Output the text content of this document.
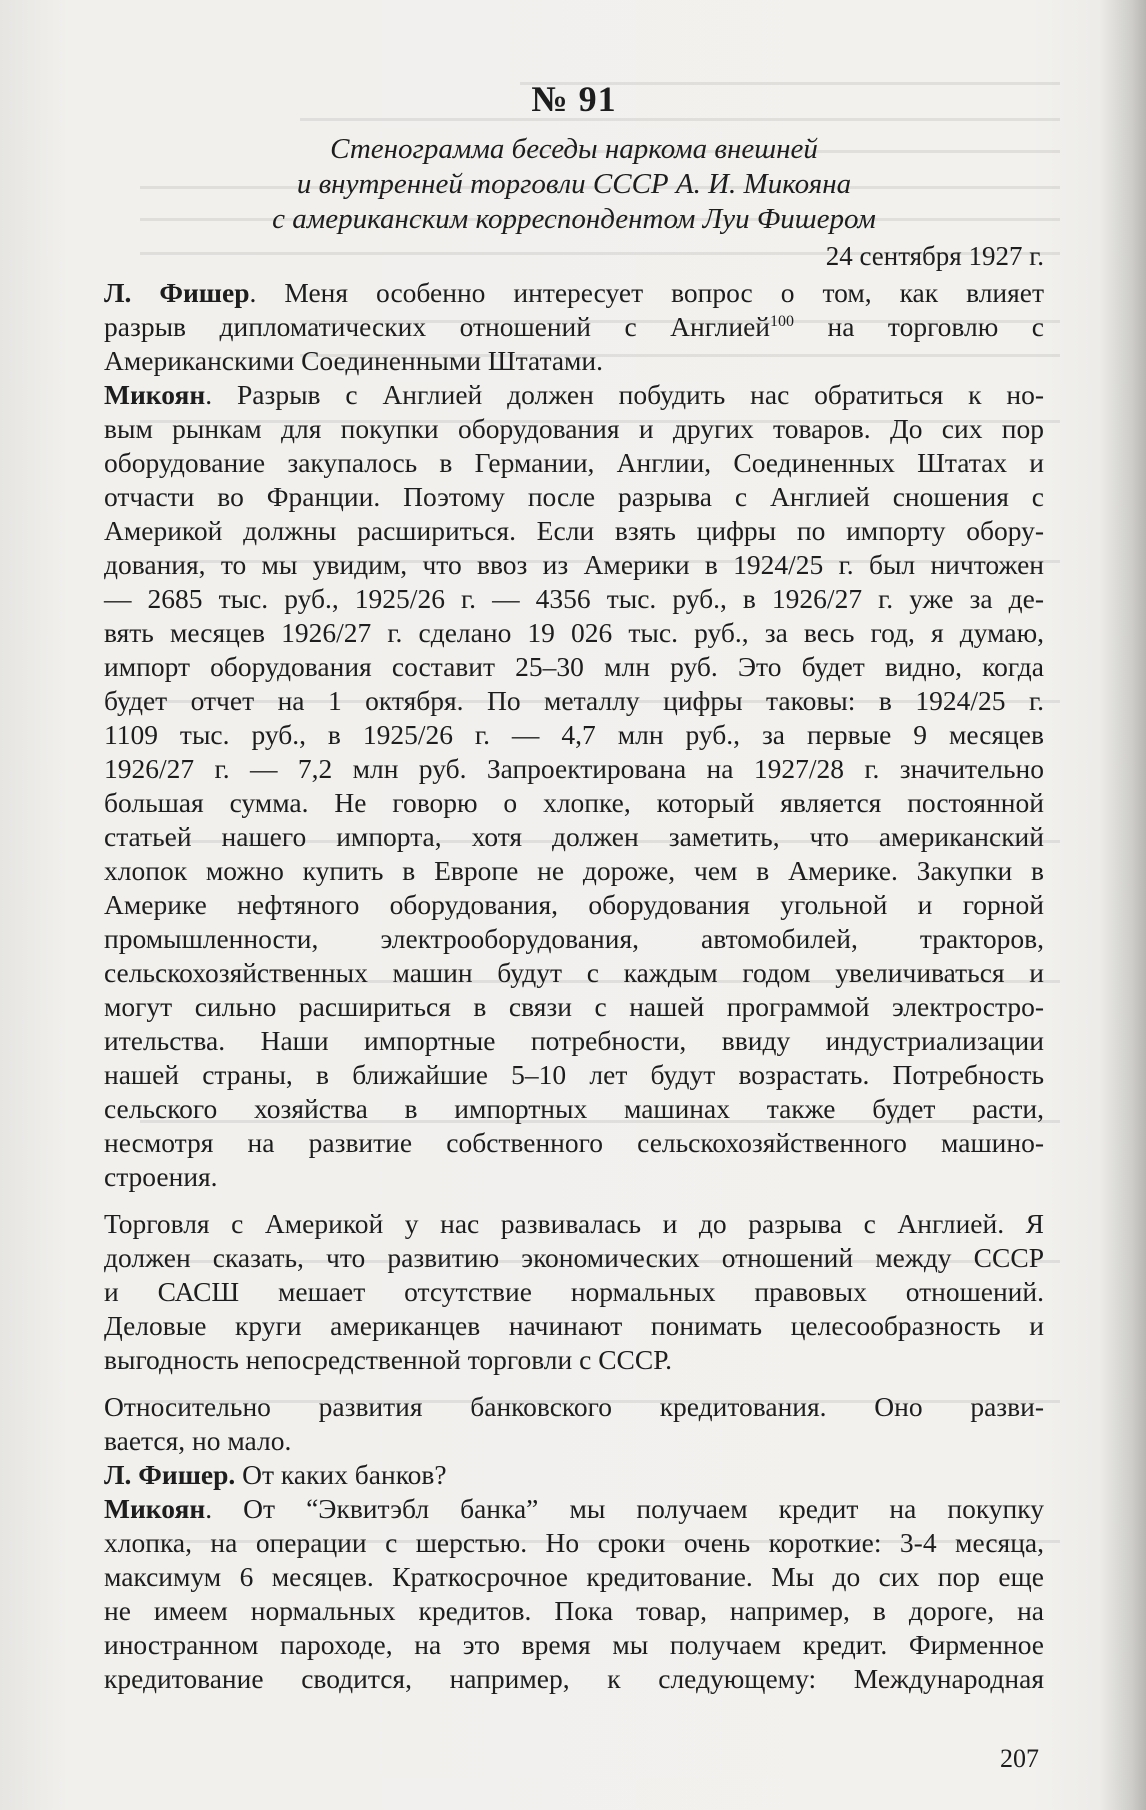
№ 91
Стенограмма беседы наркома внешней
и внутренней торговли СССР А. И. Микояна
с американским корреспондентом Луи Фишером
24 сентября 1927 г.
Л. Фишер. Меня особенно интересует вопрос о том, как влияет
разрыв дипломатических отношений с Англией$^{100}$ на торговлю с
Американскими Соединенными Штатами.
Микоян. Разрыв с Англией должен побудить нас обратиться к но-
вым рынкам для покупки оборудования и других товаров. До сих пор
оборудование закупалось в Германии, Англии, Соединенных Штатах и
отчасти во Франции. Поэтому после разрыва с Англией сношения с
Америкой должны расшириться. Если взять цифры по импорту обору-
дования, то мы увидим, что ввоз из Америки в 1924/25 г. был ничтожен
— 2685 тыс. руб., 1925/26 г. — 4356 тыс. руб., в 1926/27 г. уже за де-
вять месяцев 1926/27 г. сделано 19 026 тыс. руб., за весь год, я думаю,
импорт оборудования составит 25–30 млн руб. Это будет видно, когда
будет отчет на 1 октября. По металлу цифры таковы: в 1924/25 г.
1109 тыс. руб., в 1925/26 г. — 4,7 млн руб., за первые 9 месяцев
1926/27 г. — 7,2 млн руб. Запроектирована на 1927/28 г. значительно
большая сумма. Не говорю о хлопке, который является постоянной
статьей нашего импорта, хотя должен заметить, что американский
хлопок можно купить в Европе не дороже, чем в Америке. Закупки в
Америке нефтяного оборудования, оборудования угольной и горной
промышленности, электрооборудования, автомобилей, тракторов,
сельскохозяйственных машин будут с каждым годом увеличиваться и
могут сильно расшириться в связи с нашей программой электростро-
ительства. Наши импортные потребности, ввиду индустриализации
нашей страны, в ближайшие 5–10 лет будут возрастать. Потребность
сельского хозяйства в импортных машинах также будет расти,
несмотря на развитие собственного сельскохозяйственного машино-
строения.
Торговля с Америкой у нас развивалась и до разрыва с Англией. Я
должен сказать, что развитию экономических отношений между СССР
и САСШ мешает отсутствие нормальных правовых отношений.
Деловые круги американцев начинают понимать целесообразность и
выгодность непосредственной торговли с СССР.
Относительно развития банковского кредитования. Оно разви-
вается, но мало.
Л. Фишер. От каких банков?
Микоян. От “Эквитэбл банка” мы получаем кредит на покупку
хлопка, на операции с шерстью. Но сроки очень короткие: 3-4 месяца,
максимум 6 месяцев. Краткосрочное кредитование. Мы до сих пор еще
не имеем нормальных кредитов. Пока товар, например, в дороге, на
иностранном пароходе, на это время мы получаем кредит. Фирменное
кредитование сводится, например, к следующему: Международная
207
